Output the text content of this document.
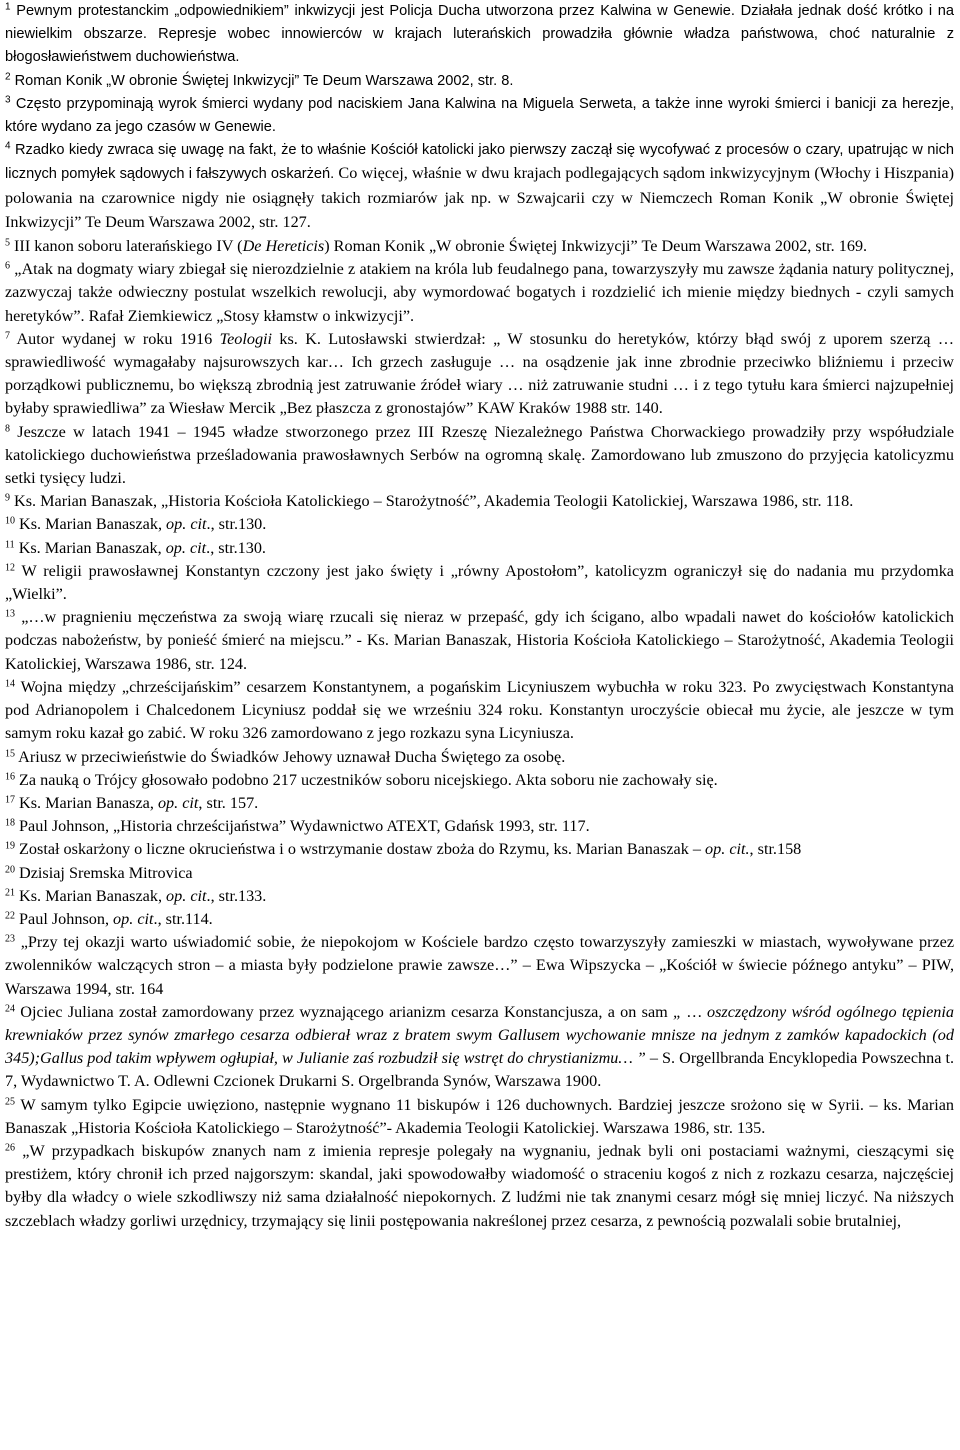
$^1$ Pewnym protestanckim „odpowiednikiem” inkwizycji jest Policja Ducha utworzona przez Kalwina w Genewie. Działała jednak dość krótko i na niewielkim obszarze. Represje wobec innowierców w krajach luterańskich prowadziła głównie władza państwowa, choć naturalnie z błogosławieństwem duchowieństwa.

$^2$ Roman Konik „W obronie Świętej Inkwizycji” Te Deum Warszawa 2002, str. 8.

$^3$ Często przypominają wyrok śmierci wydany pod naciskiem Jana Kalwina na Miguela Serweta, a także inne wyroki śmierci i banicji za herezje, które wydano za jego czasów w Genewie.

$^4$ Rzadko kiedy zwraca się uwagę na fakt, że to właśnie Kościół katolicki jako pierwszy zaczął się wycofywać z procesów o czary, upatrując w nich licznych pomyłek sądowych i fałszywych oskarżeń. Co więcej, właśnie w dwu krajach podlegających sądom inkwizycyjnym (Włochy i Hiszpania) polowania na czarownice nigdy nie osiągnęły takich rozmiarów jak np. w Szwajcarii czy w Niemczech Roman Konik „W obronie Świętej Inkwizycji” Te Deum Warszawa 2002, str. 127.

$^5$ III kanon soboru laterańskiego IV (De Hereticis) Roman Konik „W obronie Świętej Inkwizycji” Te Deum Warszawa 2002, str. 169.

$^6$ „Atak na dogmaty wiary zbiegał się nierozdzielnie z atakiem na króla lub feudalnego pana, towarzyszyły mu zawsze żądania natury politycznej, zazwyczaj także odwieczny postulat wszelkich rewolucji, aby wymordować bogatych i rozdzielić ich mienie między biednych - czyli samych heretyków”. Rafał Ziemkiewicz „Stosy kłamstw o inkwizycji”.

$^7$ Autor wydanej w roku 1916 Teologii ks. K. Lutosławski stwierdzał: „ W stosunku do heretyków, którzy błąd swój z uporem szerzą … sprawiedliwość wymagałaby najsurowszych kar… Ich grzech zasługuje … na osądzenie jak inne zbrodnie przeciwko bliźniemu i przeciw porządkowi publicznemu, bo większą zbrodnią jest zatruwanie źródeł wiary … niż zatruwanie studni … i z tego tytułu kara śmierci najzupełniej byłaby sprawiedliwa” za Wiesław Mercik „Bez płaszcza z gronostajów” KAW Kraków 1988 str. 140.

$^8$ Jeszcze w latach 1941 – 1945 władze stworzonego przez III Rzeszę Niezależnego Państwa Chorwackiego prowadziły przy współudziale katolickiego duchowieństwa prześladowania prawosławnych Serbów na ogromną skalę. Zamordowano lub zmuszono do przyjęcia katolicyzmu setki tysięcy ludzi.

$^9$ Ks. Marian Banaszak, „Historia Kościoła Katolickiego – Starożytność”, Akademia Teologii Katolickiej, Warszawa 1986, str. 118.

$^{10}$ Ks. Marian Banaszak, op. cit., str.130.

$^{11}$ Ks. Marian Banaszak, op. cit., str.130.

$^{12}$ W religii prawosławnej Konstantyn czczony jest jako święty i „równy Apostołom”, katolicyzm ograniczył się do nadania mu przydomka „Wielki”.

$^{13}$ „…w pragnieniu męczeństwa za swoją wiarę rzucali się nieraz w przepaść, gdy ich ścigano, albo wpadali nawet do kościołów katolickich podczas nabożeństw, by ponieść śmierć na miejscu.” - Ks. Marian Banaszak, Historia Kościoła Katolickiego – Starożytność, Akademia Teologii Katolickiej, Warszawa 1986, str. 124.

$^{14}$ Wojna między „chrześcijańskim” cesarzem Konstantynem, a pogańskim Licyniuszem wybuchła w roku 323. Po zwycięstwach Konstantyna pod Adrianopolem i Chalcedonem Licyniusz poddał się we wrześniu 324 roku. Konstantyn uroczyście obiecał mu życie, ale jeszcze w tym samym roku kazał go zabić. W roku 326 zamordowano z jego rozkazu syna Licyniusza.

$^{15}$ Ariusz w przeciwieństwie do Świadków Jehowy uznawał Ducha Świętego za osobę.

$^{16}$ Za nauką o Trójcy głosowało podobno 217 uczestników soboru nicejskiego. Akta soboru nie zachowały się.

$^{17}$ Ks. Marian Banasza, op. cit, str. 157.

$^{18}$ Paul Johnson, „Historia chrześcijaństwa” Wydawnictwo ATEXT, Gdańsk 1993, str. 117.

$^{19}$ Został oskarżony o liczne okrucieństwa i o wstrzymanie dostaw zboża do Rzymu, ks. Marian Banaszak – op. cit., str.158

$^{20}$ Dzisiaj Sremska Mitrovica

$^{21}$ Ks. Marian Banaszak, op. cit., str.133.

$^{22}$ Paul Johnson, op. cit., str.114.

$^{23}$ „Przy tej okazji warto uświadomić sobie, że niepokojom w Kościele bardzo często towarzyszyły zamieszki w miastach, wywoływane przez zwolenników walczących stron – a miasta były podzielone prawie zawsze…” – Ewa Wipszycka – „Kościół w świecie późnego antyku” – PIW, Warszawa 1994, str. 164

$^{24}$ Ojciec Juliana został zamordowany przez wyznającego arianizm cesarza Konstancjusza, a on sam „ … oszczędzony wśród ogólnego tępienia krewniaków przez synów zmarłego cesarza odbierał wraz z bratem swym Gallusem wychowanie mnisze na jednym z zamków kapadockich (od 345);Gallus pod takim wpływem ogłupiał, w Julianie zaś rozbudził się wstręt do chrystianizmu… ” – S. Orgellbranda Encyklopedia Powszechna t. 7, Wydawnictwo T. A. Odlewni Czcionek Drukarni S. Orgelbranda Synów, Warszawa 1900.

$^{25}$ W samym tylko Egipcie uwięziono, następnie wygnano 11 biskupów i 126 duchownych. Bardziej jeszcze srożono się w Syrii. – ks. Marian Banaszak „Historia Kościoła Katolickiego – Starożytność”- Akademia Teologii Katolickiej. Warszawa 1986, str. 135.

$^{26}$ „W przypadkach biskupów znanych nam z imienia represje polegały na wygnaniu, jednak byli oni postaciami ważnymi, cieszącymi się prestiżem, który chronił ich przed najgorszym: skandal, jaki spowodowałby wiadomość o straceniu kogoś z nich z rozkazu cesarza, najczęściej byłby dla władcy o wiele szkodliwszy niż sama działalność niepokornych. Z ludźmi nie tak znanymi cesarz mógł się mniej liczyć. Na niższych szczeblach władzy gorliwi urzędnicy, trzymający się linii postępowania nakreślonej przez cesarza, z pewnością pozwalali sobie brutalniej,
